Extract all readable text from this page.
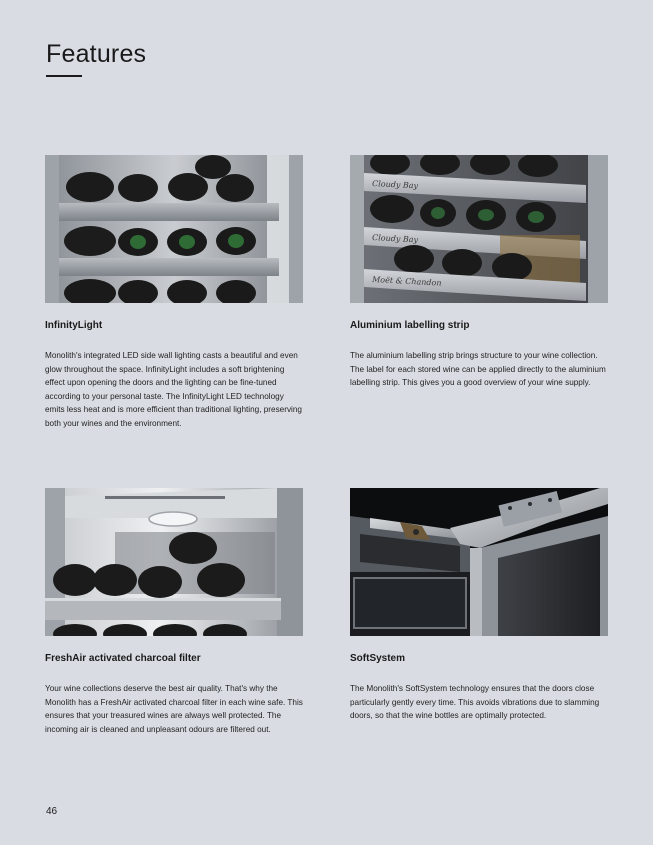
Features
InfinityLight
Monolith's integrated LED side wall lighting casts a beautiful and even glow throughout the space. InfinityLight includes a soft brightening effect upon opening the doors and the lighting can be fine-tuned according to your personal taste. The InfinityLight LED technology emits less heat and is more efficient than traditional lighting, preserving both your wines and the environment.
Cloudy Bay
Cloudy Bay
Moët & Chandon
Aluminium labelling strip
The aluminium labelling strip brings structure to your wine collection. The label for each stored wine can be applied directly to the aluminium labelling strip. This gives you a good overview of your wine supply.
FreshAir activated charcoal filter
Your wine collections deserve the best air quality. That's why the Monolith has a FreshAir activated charcoal filter in each wine safe. This ensures that your treasured wines are always well protected. The incoming air is cleaned and unpleasant odours are filtered out.
SoftSystem
The Monolith's SoftSystem technology ensures that the doors close particularly gently every time. This avoids vibrations due to slamming doors, so that the wine bottles are optimally protected.
46
